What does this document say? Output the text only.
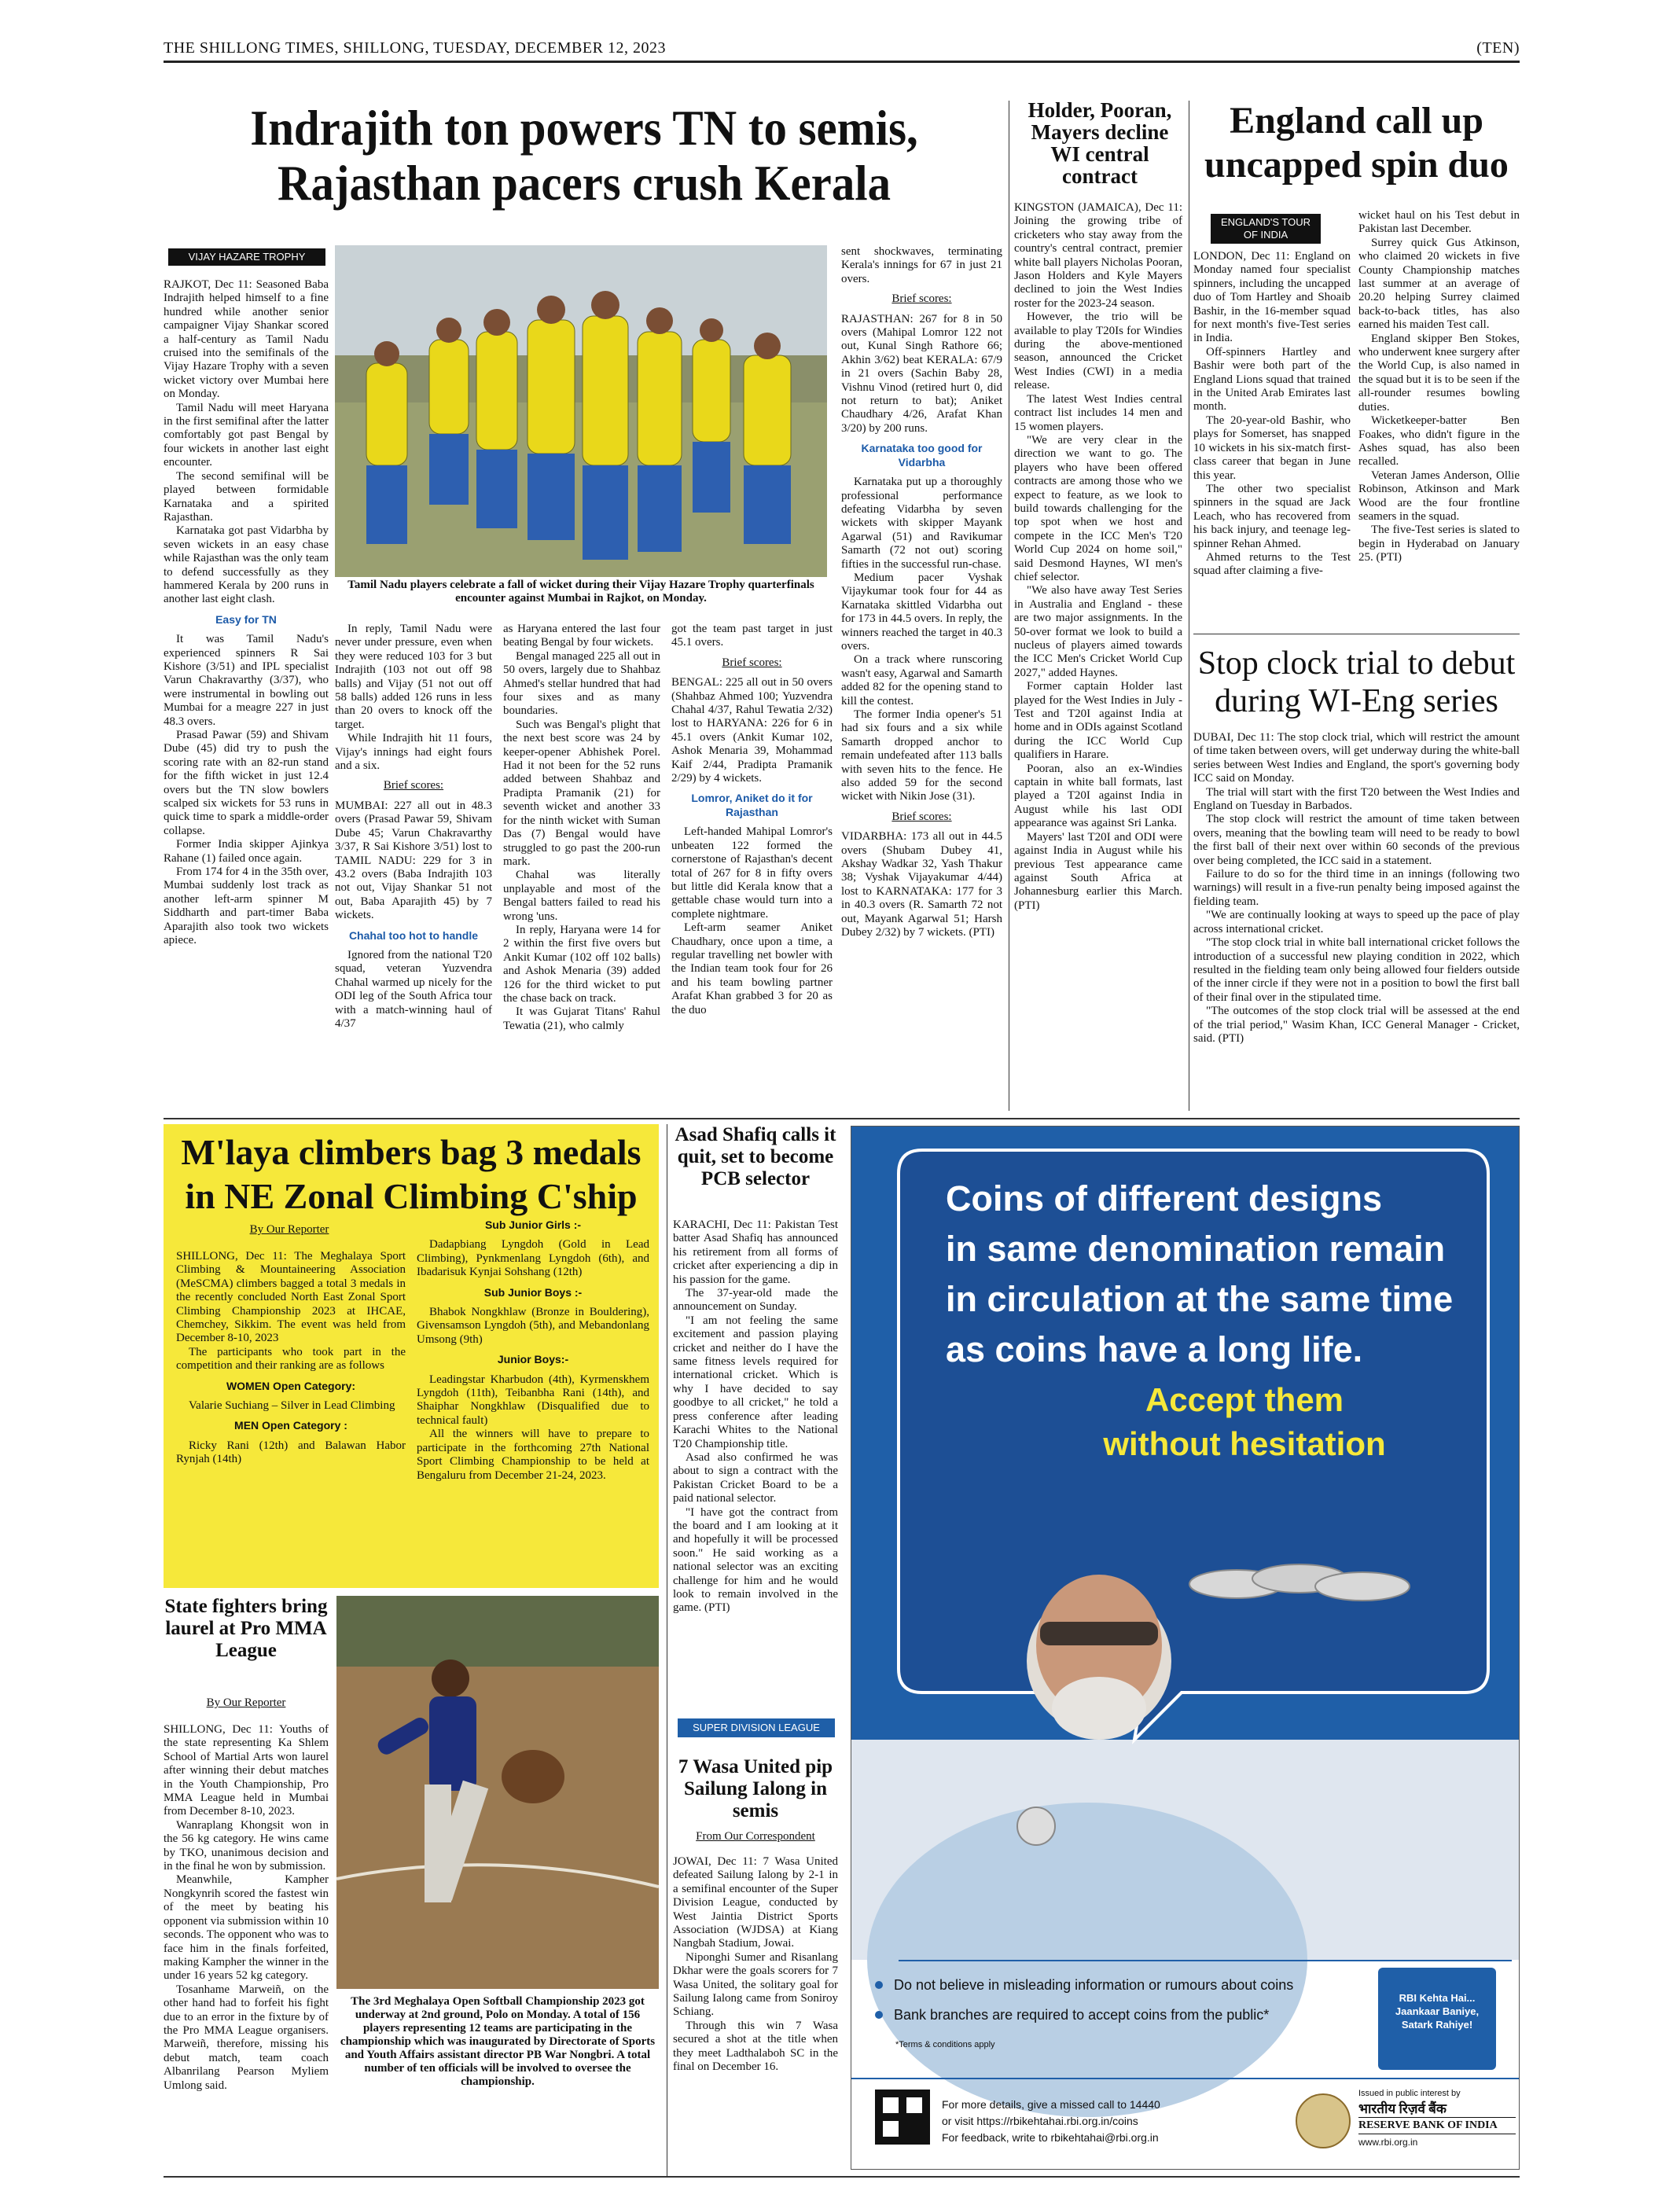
THE SHILLONG TIMES, SHILLONG, TUESDAY, DECEMBER 12, 2023	(TEN)
Indrajith ton powers TN to semis,
Rajasthan pacers crush Kerala
VIJAY HAZARE TROPHY

RAJKOT, Dec 11: Seasoned Baba Indrajith helped himself to a fine hundred while another senior campaigner Vijay Shankar scored a half-century as Tamil Nadu cruised into the semifinals of the Vijay Hazare Trophy with a seven wicket victory over Mumbai here on Monday.

Tamil Nadu will meet Haryana in the first semifinal after the latter comfortably got past Bengal by four wickets in another last eight encounter.

The second semifinal will be played between formidable Karnataka and a spirited Rajasthan.

Karnataka got past Vidarbha by seven wickets in an easy chase while Rajasthan was the only team to defend successfully as they hammered Kerala by 200 runs in another last eight clash.

Easy for TN

It was Tamil Nadu's experienced spinners R Sai Kishore (3/51) and IPL specialist Varun Chakravarthy (3/37), who were instrumental in bowling out Mumbai for a meagre 227 in just 48.3 overs.

Prasad Pawar (59) and Shivam Dube (45) did try to push the scoring rate with an 82-run stand for the fifth wicket in just 12.4 overs but the TN slow bowlers scalped six wickets for 53 runs in quick time to spark a middle-order collapse.

Former India skipper Ajinkya Rahane (1) failed once again.

From 174 for 4 in the 35th over, Mumbai suddenly lost track as another left-arm spinner M Siddharth and part-timer Baba Aparajith also took two wickets apiece.

Tamil Nadu players celebrate a fall of wicket during their Vijay Hazare Trophy quarterfinals encounter against Mumbai in Rajkot, on Monday.

In reply, Tamil Nadu were never under pressure, even when they were reduced 103 for 3 but Indrajith (103 not out off 98 balls) and Vijay (51 not out off 58 balls) added 126 runs in less than 20 overs to knock off the target.

While Indrajith hit 11 fours, Vijay's innings had eight fours and a six.

Brief scores:

MUMBAI: 227 all out in 48.3 overs (Prasad Pawar 59, Shivam Dube 45; Varun Chakravarthy 3/37, R Sai Kishore 3/51) lost to TAMIL NADU: 229 for 3 in 43.2 overs (Baba Indrajith 103 not out, Vijay Shankar 51 not out, Baba Aparajith 45) by 7 wickets.

Chahal too hot to handle

Ignored from the national T20 squad, veteran Yuzvendra Chahal warmed up nicely for the ODI leg of the South Africa tour with a match-winning haul of 4/37

as Haryana entered the last four beating Bengal by four wickets.

Bengal managed 225 all out in 50 overs, largely due to Shahbaz Ahmed's stellar hundred that had four sixes and as many boundaries.

Such was Bengal's plight that the next best score was 24 by keeper-opener Abhishek Porel. Had it not been for the 52 runs added between Shahbaz and Pradipta Pramanik (21) for seventh wicket and another 33 for the ninth wicket with Suman Das (7) Bengal would have struggled to go past the 200-run mark.

Chahal was literally unplayable and most of the Bengal batters failed to read his wrong 'uns.

In reply, Haryana were 14 for 2 within the first five overs but Ankit Kumar (102 off 102 balls) and Ashok Menaria (39) added 126 for the third wicket to put the chase back on track.

It was Gujarat Titans' Rahul Tewatia (21), who calmly

got the team past target in just 45.1 overs.

Brief scores:

BENGAL: 225 all out in 50 overs (Shahbaz Ahmed 100; Yuzvendra Chahal 4/37, Rahul Tewatia 2/32) lost to HARYANA: 226 for 6 in 45.1 overs (Ankit Kumar 102, Ashok Menaria 39, Mohammad Kaif 2/44, Pradipta Pramanik 2/29) by 4 wickets.

Lomror, Aniket do it for Rajasthan

Left-handed Mahipal Lomror's unbeaten 122 formed the cornerstone of Rajasthan's decent total of 267 for 8 in fifty overs but little did Kerala know that a gettable chase would turn into a complete nightmare.

Left-arm seamer Aniket Chaudhary, once upon a time, a regular travelling net bowler with the Indian team took four for 26 and his team bowling partner Arafat Khan grabbed 3 for 20 as the duo

sent shockwaves, terminating Kerala's innings for 67 in just 21 overs.

Brief scores:

RAJASTHAN: 267 for 8 in 50 overs (Mahipal Lomror 122 not out, Kunal Singh Rathore 66; Akhin 3/62) beat KERALA: 67/9 in 21 overs (Sachin Baby 28, Vishnu Vinod (retired hurt 0, did not return to bat); Aniket Chaudhary 4/26, Arafat Khan 3/20) by 200 runs.

Karnataka too good for Vidarbha

Karnataka put up a thoroughly professional performance defeating Vidarbha by seven wickets with skipper Mayank Agarwal (51) and Ravikumar Samarth (72 not out) scoring fifties in the successful run-chase.

Medium pacer Vyshak Vijaykumar took four for 44 as Karnataka skittled Vidarbha out for 173 in 44.5 overs. In reply, the winners reached the target in 40.3 overs.

On a track where runscoring wasn't easy, Agarwal and Samarth added 82 for the opening stand to kill the contest.

The former India opener's 51 had six fours and a six while Samarth dropped anchor to remain undefeated after 113 balls with seven hits to the fence. He also added 59 for the second wicket with Nikin Jose (31).

Brief scores:

VIDARBHA: 173 all out in 44.5 overs (Shubam Dubey 41, Akshay Wadkar 32, Yash Thakur 38; Vyshak Vijayakumar 4/44) lost to KARNATAKA: 177 for 3 in 40.3 overs (R. Samarth 72 not out, Mayank Agarwal 51; Harsh Dubey 2/32) by 7 wickets. (PTI)

Holder, Pooran, Mayers decline WI central contract

KINGSTON (JAMAICA), Dec 11: Joining the growing tribe of cricketers who stay away from the country's central contract, premier white ball players Nicholas Pooran, Jason Holders and Kyle Mayers declined to join the West Indies roster for the 2023-24 season.

However, the trio will be available to play T20Is for Windies during the above-mentioned season, announced the Cricket West Indies (CWI) in a media release.

The latest West Indies central contract list includes 14 men and 15 women players.

"We are very clear in the direction we want to go. The players who have been offered contracts are among those who we expect to feature, as we look to build towards challenging for the top spot when we host and compete in the ICC Men's T20 World Cup 2024 on home soil," said Desmond Haynes, WI men's chief selector.

"We also have away Test Series in Australia and England - these are two major assignments. In the 50-over format we look to build a nucleus of players aimed towards the ICC Men's Cricket World Cup 2027," added Haynes.

Former captain Holder last played for the West Indies in July - Test and T20I against India at home and in ODIs against Scotland during the ICC World Cup qualifiers in Harare.

Pooran, also an ex-Windies captain in white ball formats, last played a T20I against India in August while his last ODI appearance was against Sri Lanka.

Mayers' last T20I and ODI were against India in August while his previous Test appearance came against South Africa at Johannesburg earlier this March. (PTI)

England call up uncapped spin duo
ENGLAND'S TOUR OF INDIA

LONDON, Dec 11: England on Monday named four specialist spinners, including the uncapped duo of Tom Hartley and Shoaib Bashir, in the 16-member squad for next month's five-Test series in India.

Off-spinners Hartley and Bashir were both part of the England Lions squad that trained in the United Arab Emirates last month.

The 20-year-old Bashir, who plays for Somerset, has snapped 10 wickets in his six-match first-class career that began in June this year.

The other two specialist spinners in the squad are Jack Leach, who has recovered from his back injury, and teenage leg-spinner Rehan Ahmed.

Ahmed returns to the Test squad after claiming a five-

wicket haul on his Test debut in Pakistan last December.

Surrey quick Gus Atkinson, who claimed 20 wickets in five County Championship matches last summer at an average of 20.20 helping Surrey claimed back-to-back titles, has also earned his maiden Test call.

England skipper Ben Stokes, who underwent knee surgery after the World Cup, is also named in the squad but it is to be seen if the all-rounder resumes bowling duties.

Wicketkeeper-batter Ben Foakes, who didn't figure in the Ashes squad, has also been recalled.

Veteran James Anderson, Ollie Robinson, Atkinson and Mark Wood are the four frontline seamers in the squad.

The five-Test series is slated to begin in Hyderabad on January 25. (PTI)

Stop clock trial to debut during WI-Eng series

DUBAI, Dec 11: The stop clock trial, which will restrict the amount of time taken between overs, will get underway during the white-ball series between West Indies and England, the sport's governing body ICC said on Monday.

The trial will start with the first T20 between the West Indies and England on Tuesday in Barbados.

The stop clock will restrict the amount of time taken between overs, meaning that the bowling team will need to be ready to bowl the first ball of their next over within 60 seconds of the previous over being completed, the ICC said in a statement.

Failure to do so for the third time in an innings (following two warnings) will result in a five-run penalty being imposed against the fielding team.

"We are continually looking at ways to speed up the pace of play across international cricket.

"The stop clock trial in white ball international cricket follows the introduction of a successful new playing condition in 2022, which resulted in the fielding team only being allowed four fielders outside of the inner circle if they were not in a position to bowl the first ball of their final over in the stipulated time.

"The outcomes of the stop clock trial will be assessed at the end of the trial period," Wasim Khan, ICC General Manager - Cricket, said. (PTI)

M'laya climbers bag 3 medals
in NE Zonal Climbing C'ship
By Our Reporter

SHILLONG, Dec 11: The Meghalaya Sport Climbing & Mountaineering Association (MeSCMA) climbers bagged a total 3 medals in the recently concluded North East Zonal Sport Climbing Championship 2023 at IHCAE, Chemchey, Sikkim. The event was held from December 8-10, 2023

The participants who took part in the competition and their ranking are as follows

WOMEN Open Category:

Valarie Suchiang – Silver in Lead Climbing

MEN Open Category :

Ricky Rani (12th) and Balawan Habor Rynjah (14th)

Sub Junior Girls :-

Dadapbiang Lyngdoh (Gold in Lead Climbing), Pynkmenlang Lyngdoh (6th), and Ibadarisuk Kynjai Sohshang (12th)

Sub Junior Boys :-

Bhabok Nongkhlaw (Bronze in Bouldering), Givensamson Lyngdoh (5th), and Mebandonlang Umsong (9th)

Junior Boys:-

Leadingstar Kharbudon (4th), Kyrmenskhem Lyngdoh (11th), Teibanbha Rani (14th), and Shaiphar Nongkhlaw (Disqualified due to technical fault)

All the winners will have to prepare to participate in the forthcoming 27th National Sport Climbing Championship to be held at Bengaluru from December 21-24, 2023.

State fighters bring laurel at Pro MMA League
By Our Reporter

SHILLONG, Dec 11: Youths of the state representing Ka Shlem School of Martial Arts won laurel after winning their debut matches in the Youth Championship, Pro MMA League held in Mumbai from December 8-10, 2023.

Wanraplang Khongsit won in the 56 kg category. He wins came by TKO, unanimous decision and in the final he won by submission.

Meanwhile, Kampher Nongkynrih scored the fastest win of the meet by beating his opponent via submission within 10 seconds. The opponent who was to face him in the finals forfeited, making Kampher the winner in the under 16 years 52 kg category.

Tosanhame Marweiñ, on the other hand had to forfeit his fight due to an error in the fixture by of the Pro MMA League organisers. Marweiñ, therefore, missing his debut match, team coach Albanrilang Pearson Myliem Umlong said.

The 3rd Meghalaya Open Softball Championship 2023 got underway at 2nd ground, Polo on Monday. A total of 156 players representing 12 teams are participating in the championship which was inaugurated by Directorate of Sports and Youth Affairs assistant director PB War Nongbri. A total number of ten officials will be involved to oversee the championship.
Asad Shafiq calls it quit, set to become PCB selector

KARACHI, Dec 11: Pakistan Test batter Asad Shafiq has announced his retirement from all forms of cricket after experiencing a dip in his passion for the game.

The 37-year-old made the announcement on Sunday.

"I am not feeling the same excitement and passion playing cricket and neither do I have the same fitness levels required for international cricket. Which is why I have decided to say goodbye to all cricket," he told a press conference after leading Karachi Whites to the National T20 Championship title.

Asad also confirmed he was about to sign a contract with the Pakistan Cricket Board to be a paid national selector.

"I have got the contract from the board and I am looking at it and hopefully it will be processed soon." He said working as a national selector was an exciting challenge for him and he would look to remain involved in the game. (PTI)

SUPER DIVISION LEAGUE
7 Wasa United pip Sailung Ialong in semis
From Our Correspondent

JOWAI, Dec 11: 7 Wasa United defeated Sailung Ialong by 2-1 in a semifinal encounter of the Super Division League, conducted by West Jaintia District Sports Association (WJDSA) at Kiang Nangbah Stadium, Jowai.

Niponghi Sumer and Risanlang Dkhar were the goals scorers for 7 Wasa United, the solitary goal for Sailung Ialong came from Soniroy Schiang.

Through this win 7 Wasa secured a shot at the title when they meet Ladthalaboh SC in the final on December 16.

Coins of different designs
in same denomination remain
in circulation at the same time
as coins have a long life.
Accept them
without hesitation
Do not believe in misleading information or rumours about coins
Bank branches are required to accept coins from the public*
*Terms & conditions apply
RBI Kehta Hai...
Jaankaar Baniye,
Satark Rahiye!
For more details, give a missed call to 14440
or visit https://rbikehtahai.rbi.org.in/coins
For feedback, write to rbikehtahai@rbi.org.in
Issued in public interest by
भारतीय रिज़र्व बैंक
RESERVE BANK OF INDIA
www.rbi.org.in
